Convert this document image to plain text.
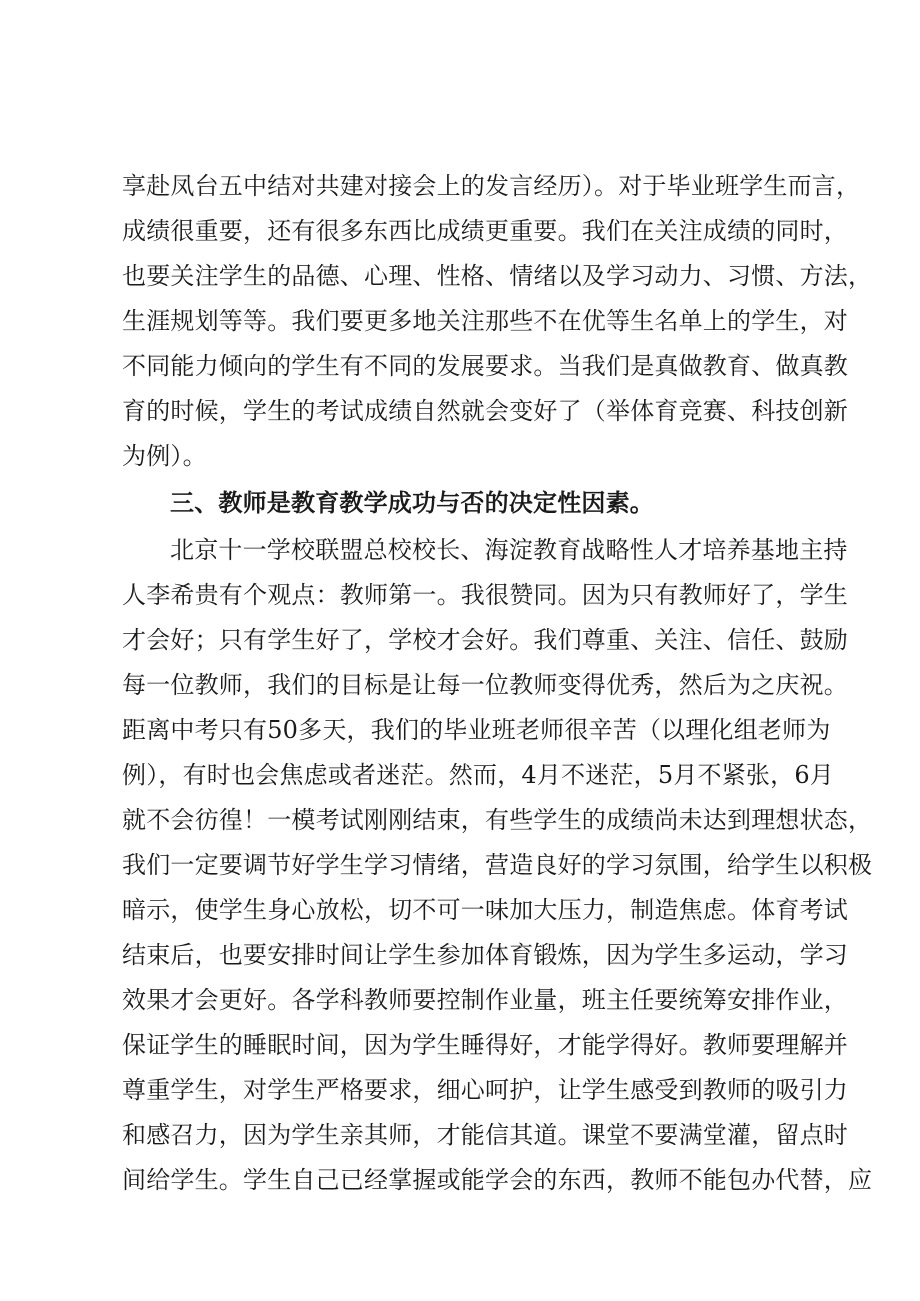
享赴凤台五中结对共建对接会上的发言经历）。对于毕业班学生而言，
成绩很重要，还有很多东西比成绩更重要。我们在关注成绩的同时，
也要关注学生的品德、心理、性格、情绪以及学习动力、习惯、方法，
生涯规划等等。我们要更多地关注那些不在优等生名单上的学生，对
不同能力倾向的学生有不同的发展要求。当我们是真做教育、做真教
育的时候，学生的考试成绩自然就会变好了（举体育竞赛、科技创新
为例）。
三、教师是教育教学成功与否的决定性因素。
北京十一学校联盟总校校长、海淀教育战略性人才培养基地主持
人李希贵有个观点：教师第一。我很赞同。因为只有教师好了，学生
才会好；只有学生好了，学校才会好。我们尊重、关注、信任、鼓励
每一位教师，我们的目标是让每一位教师变得优秀，然后为之庆祝。
距离中考只有50多天，我们的毕业班老师很辛苦（以理化组老师为
例），有时也会焦虑或者迷茫。然而，4月不迷茫，5月不紧张，6月
就不会彷徨！一模考试刚刚结束，有些学生的成绩尚未达到理想状态，
我们一定要调节好学生学习情绪，营造良好的学习氛围，给学生以积极
暗示，使学生身心放松，切不可一味加大压力，制造焦虑。体育考试
结束后，也要安排时间让学生参加体育锻炼，因为学生多运动，学习
效果才会更好。各学科教师要控制作业量，班主任要统筹安排作业，
保证学生的睡眠时间，因为学生睡得好，才能学得好。教师要理解并
尊重学生，对学生严格要求，细心呵护，让学生感受到教师的吸引力
和感召力，因为学生亲其师，才能信其道。课堂不要满堂灌，留点时
间给学生。学生自己已经掌握或能学会的东西，教师不能包办代替，应
